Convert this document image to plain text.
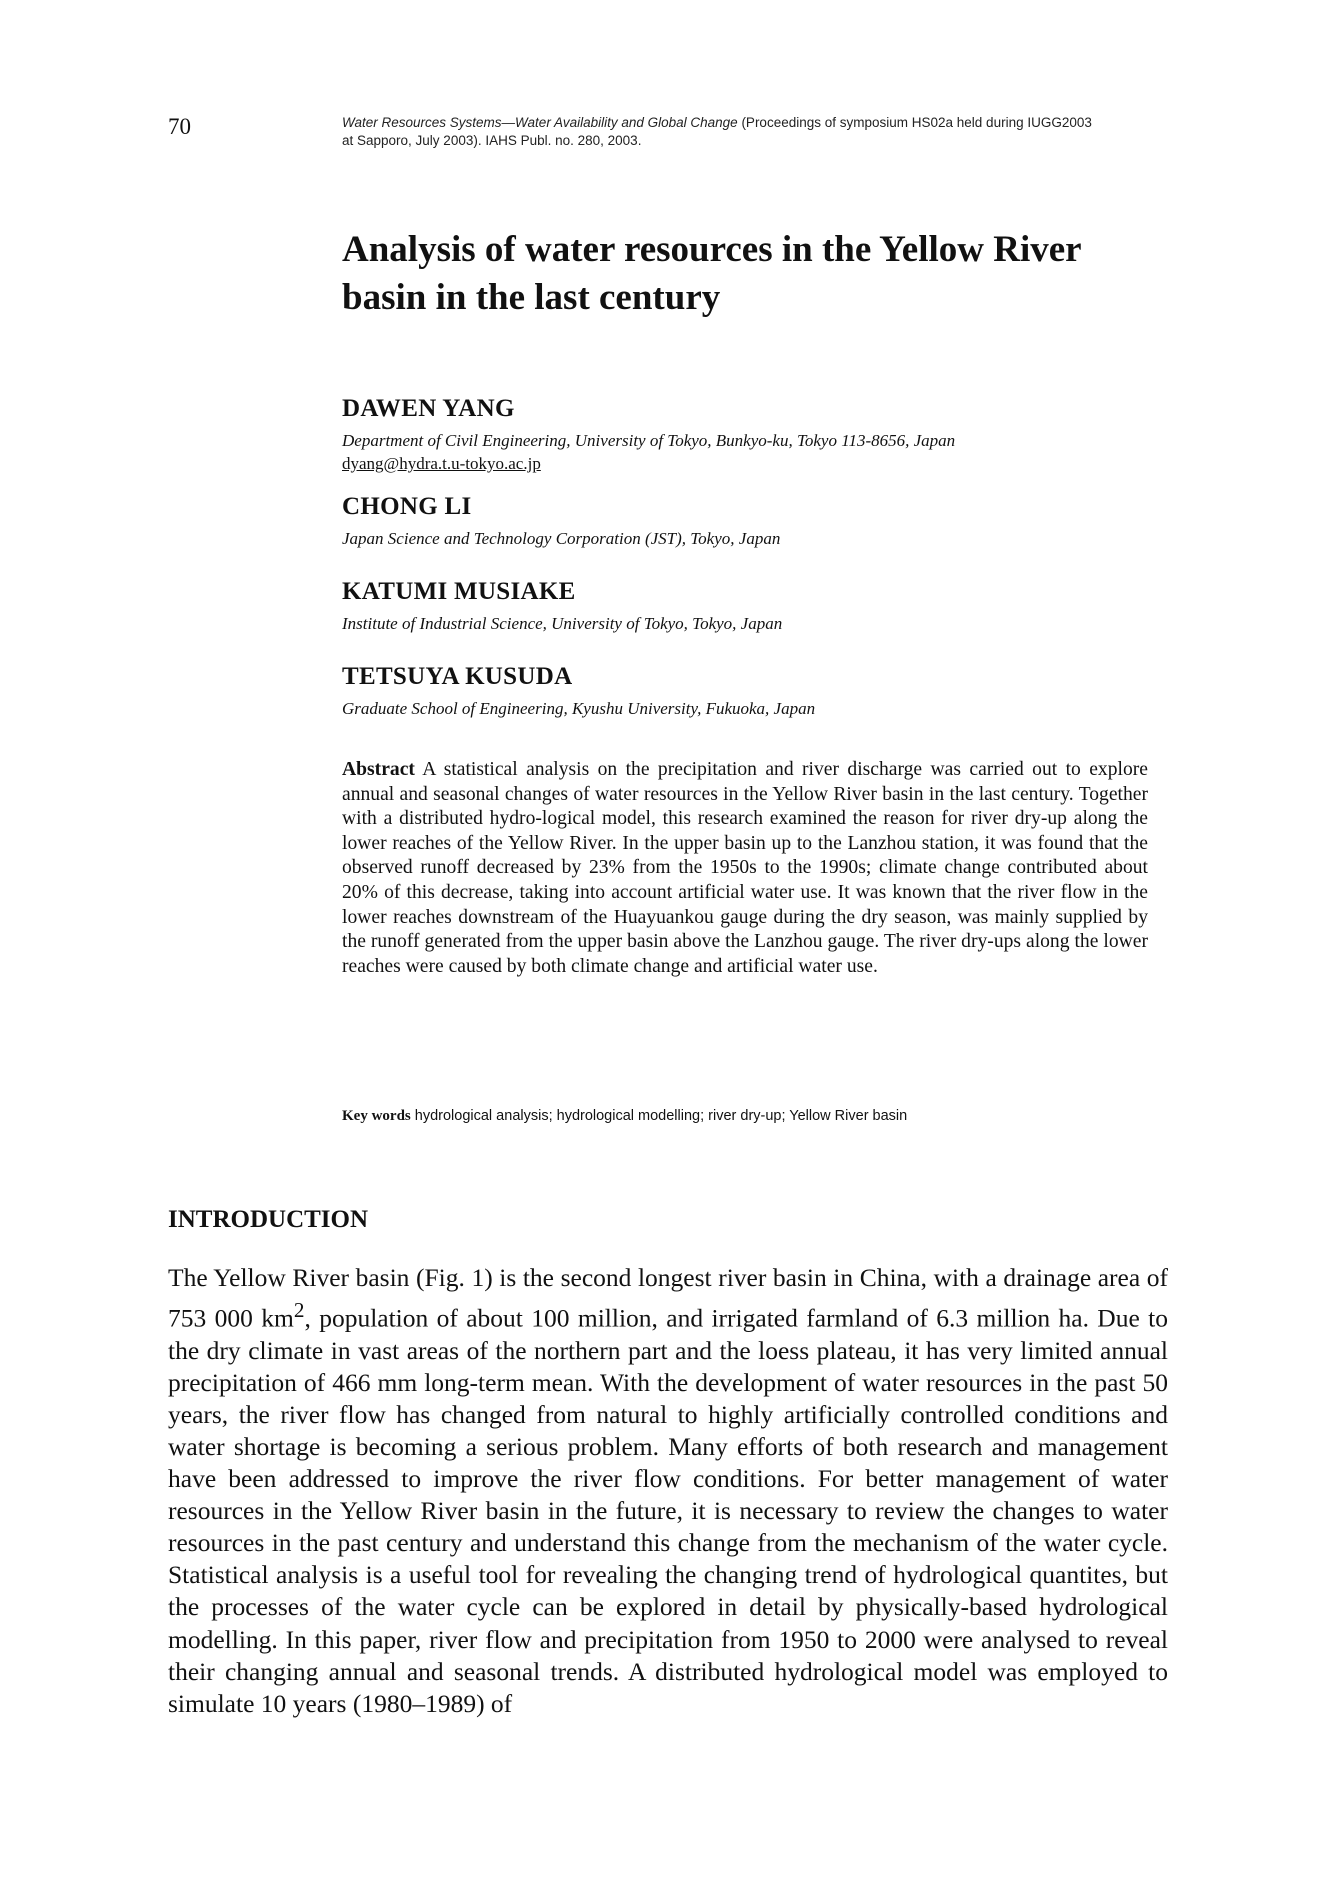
70	Water Resources Systems—Water Availability and Global Change (Proceedings of symposium HS02a held during IUGG2003 at Sapporo, July 2003). IAHS Publ. no. 280, 2003.
Analysis of water resources in the Yellow River basin in the last century
DAWEN YANG
Department of Civil Engineering, University of Tokyo, Bunkyo-ku, Tokyo 113-8656, Japan
dyang@hydra.t.u-tokyo.ac.jp
CHONG LI
Japan Science and Technology Corporation (JST), Tokyo, Japan
KATUMI MUSIAKE
Institute of Industrial Science, University of Tokyo, Tokyo, Japan
TETSUYA KUSUDA
Graduate School of Engineering, Kyushu University, Fukuoka, Japan

Abstract A statistical analysis on the precipitation and river discharge was carried out to explore annual and seasonal changes of water resources in the Yellow River basin in the last century. Together with a distributed hydro-logical model, this research examined the reason for river dry-up along the lower reaches of the Yellow River. In the upper basin up to the Lanzhou station, it was found that the observed runoff decreased by 23% from the 1950s to the 1990s; climate change contributed about 20% of this decrease, taking into account artificial water use. It was known that the river flow in the lower reaches downstream of the Huayuankou gauge during the dry season, was mainly supplied by the runoff generated from the upper basin above the Lanzhou gauge. The river dry-ups along the lower reaches were caused by both climate change and artificial water use.

Key words hydrological analysis; hydrological modelling; river dry-up; Yellow River basin
INTRODUCTION

The Yellow River basin (Fig. 1) is the second longest river basin in China, with a drainage area of 753 000 $km^2$, population of about 100 million, and irrigated farmland of 6.3 million ha. Due to the dry climate in vast areas of the northern part and the loess plateau, it has very limited annual precipitation of 466 mm long-term mean. With the development of water resources in the past 50 years, the river flow has changed from natural to highly artificially controlled conditions and water shortage is becoming a serious problem. Many efforts of both research and management have been addressed to improve the river flow conditions. For better management of water resources in the Yellow River basin in the future, it is necessary to review the changes to water resources in the past century and understand this change from the mechanism of the water cycle. Statistical analysis is a useful tool for revealing the changing trend of hydrological quantites, but the processes of the water cycle can be explored in detail by physically-based hydrological modelling. In this paper, river flow and precipitation from 1950 to 2000 were analysed to reveal their changing annual and seasonal trends. A distributed hydrological model was employed to simulate 10 years (1980–1989) of
